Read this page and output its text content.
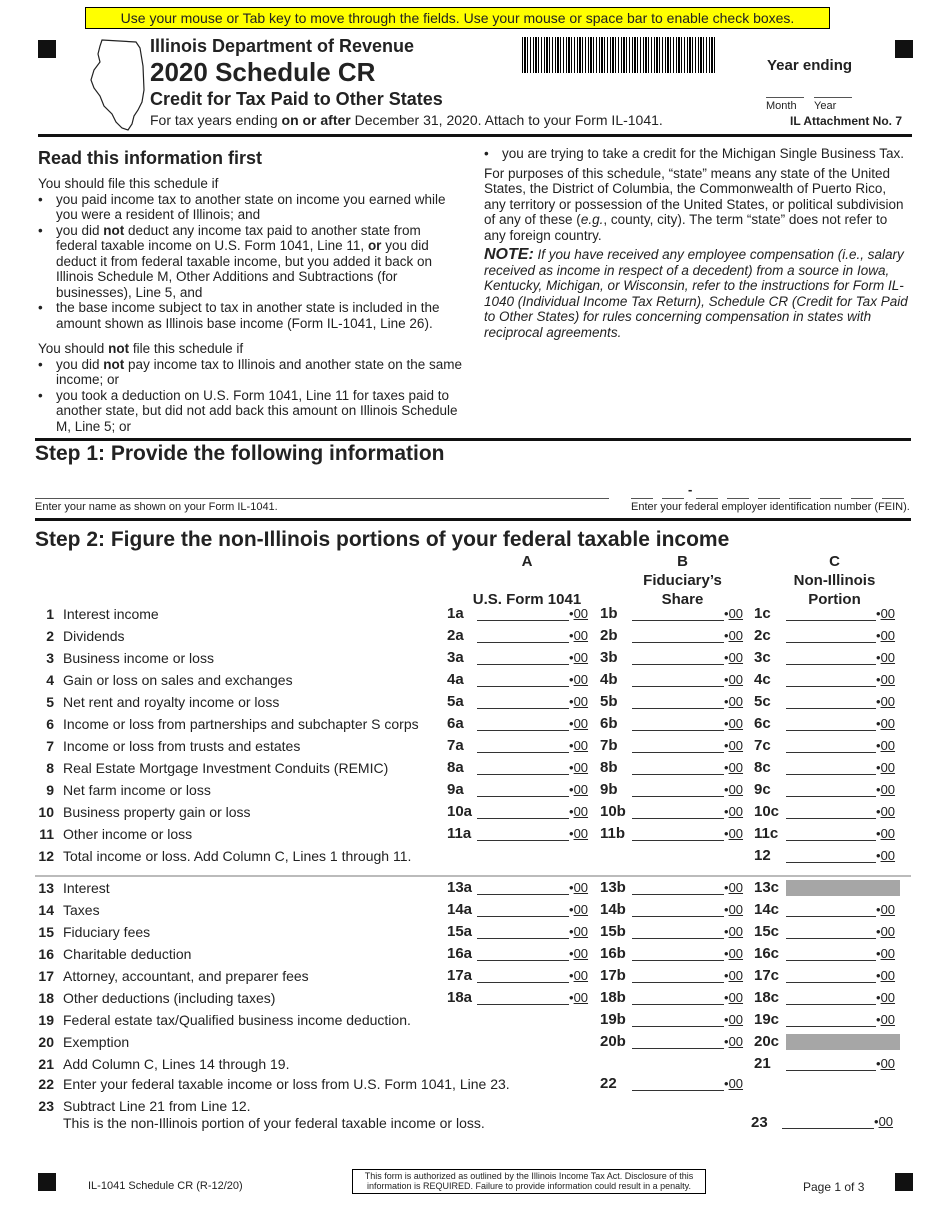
Use your mouse or Tab key to move through the fields. Use your mouse or space bar to enable check boxes.
Illinois Department of Revenue
2020 Schedule CR
Credit for Tax Paid to Other States
For tax years ending on or after December 31, 2020. Attach to your Form IL-1041.
Year ending
Month Year
IL Attachment No. 7
Read this information first
You should file this schedule if
• you paid income tax to another state on income you earned while you were a resident of Illinois; and
• you did not deduct any income tax paid to another state from federal taxable income on U.S. Form 1041, Line 11, or you did deduct it from federal taxable income, but you added it back on Illinois Schedule M, Other Additions and Subtractions (for businesses), Line 5, and
• the base income subject to tax in another state is included in the amount shown as Illinois base income (Form IL-1041, Line 26).
You should not file this schedule if
• you did not pay income tax to Illinois and another state on the same income; or
• you took a deduction on U.S. Form 1041, Line 11 for taxes paid to another state, but did not add back this amount on Illinois Schedule M, Line 5; or
• you are trying to take a credit for the Michigan Single Business Tax.
For purposes of this schedule, “state” means any state of the United States, the District of Columbia, the Commonwealth of Puerto Rico, any territory or possession of the United States, or political subdivision of any of these (e.g., county, city). The term “state” does not refer to any foreign country.
NOTE: If you have received any employee compensation (i.e., salary received as income in respect of a decedent) from a source in Iowa, Kentucky, Michigan, or Wisconsin, refer to the instructions for Form IL-1040 (Individual Income Tax Return), Schedule CR (Credit for Tax Paid to Other States) for rules concerning compensation in states with reciprocal agreements.
Step 1: Provide the following information
Enter your name as shown on your Form IL-1041.
-
Enter your federal employer identification number (FEIN).
Step 2: Figure the non-Illinois portions of your federal taxable income
A

U.S. Form 1041
B
Fiduciary’s
Share
C
Non-Illinois
Portion
1 Interest income	1a	•00 1b	•00 1c	•00
2 Dividends	2a	•00 2b	•00 2c	•00
3 Business income or loss	3a	•00 3b	•00 3c	•00
4 Gain or loss on sales and exchanges	4a	•00 4b	•00 4c	•00
5 Net rent and royalty income or loss	5a	•00 5b	•00 5c	•00
6 Income or loss from partnerships and subchapter S corps 6a	•00 6b	•00 6c	•00
7 Income or loss from trusts and estates	7a	•00 7b	•00 7c	•00
8 Real Estate Mortgage Investment Conduits (REMIC)	8a	•00 8b	•00 8c	•00
9 Net farm income or loss	9a	•00 9b	•00 9c	•00
10 Business property gain or loss	10a	•00 10b	•00 10c	•00
11 Other income or loss	11a	•00 11b	•00 11c	•00
12 Total income or loss. Add Column C, Lines 1 through 11.	12	•00
13 Interest	13a	•00 13b	•00 13c
14 Taxes	14a	•00 14b	•00 14c	•00
15 Fiduciary fees	15a	•00 15b	•00 15c	•00
16 Charitable deduction	16a	•00 16b	•00 16c	•00
17 Attorney, accountant, and preparer fees	17a	•00 17b	•00 17c	•00
18 Other deductions (including taxes)	18a	•00 18b	•00 18c	•00
19 Federal estate tax/Qualified business income deduction.	19b	•00 19c	•00
20 Exemption	20b	•00 20c
21 Add Column C, Lines 14 through 19.	21	•00
22 Enter your federal taxable income or loss from U.S. Form 1041, Line 23.	22	•00
23 Subtract Line 21 from Line 12.
This is the non-Illinois portion of your federal taxable income or loss.	23	•00
IL-1041 Schedule CR (R-12/20)
This form is authorized as outlined by the Illinois Income Tax Act. Disclosure of this information is REQUIRED. Failure to provide information could result in a penalty.	Page 1 of 3
